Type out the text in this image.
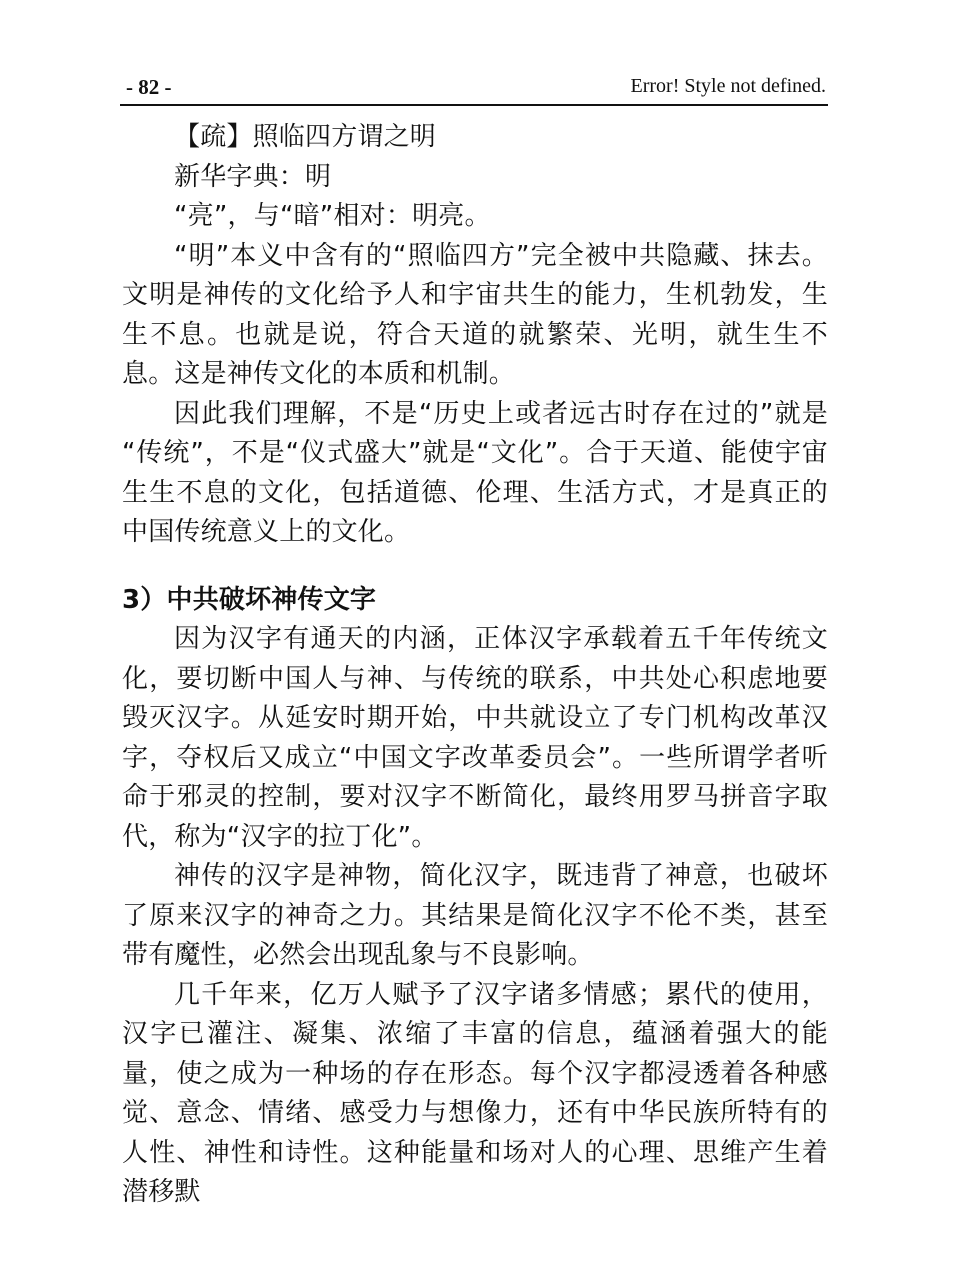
- 82 -	Error! Style not defined.

【疏】照临四方谓之明

新华字典：明

“亮”，与“暗”相对：明亮。

“明”本义中含有的“照临四方”完全被中共隐藏、抹去。文明是神传的文化给予人和宇宙共生的能力，生机勃发，生生不息。也就是说，符合天道的就繁荣、光明，就生生不息。这是神传文化的本质和机制。

因此我们理解，不是“历史上或者远古时存在过的”就是 “传统”，不是“仪式盛大”就是“文化”。合于天道、能使宇宙生生不息的文化，包括道德、伦理、生活方式，才是真正的中国传统意义上的文化。

3）中共破坏神传文字

因为汉字有通天的内涵，正体汉字承载着五千年传统文化，要切断中国人与神、与传统的联系，中共处心积虑地要毁灭汉字。从延安时期开始，中共就设立了专门机构改革汉字，夺权后又成立“中国文字改革委员会”。一些所谓学者听命于邪灵的控制，要对汉字不断简化，最终用罗马拼音字取代，称为“汉字的拉丁化”。

神传的汉字是神物，简化汉字，既违背了神意，也破坏了原来汉字的神奇之力。其结果是简化汉字不伦不类，甚至带有魔性，必然会出现乱象与不良影响。

几千年来，亿万人赋予了汉字诸多情感；累代的使用，汉字已灌注、凝集、浓缩了丰富的信息，蕴涵着强大的能量，使之成为一种场的存在形态。每个汉字都浸透着各种感觉、意念、情绪、感受力与想像力，还有中华民族所特有的人性、神性和诗性。这种能量和场对人的心理、思维产生着潜移默
